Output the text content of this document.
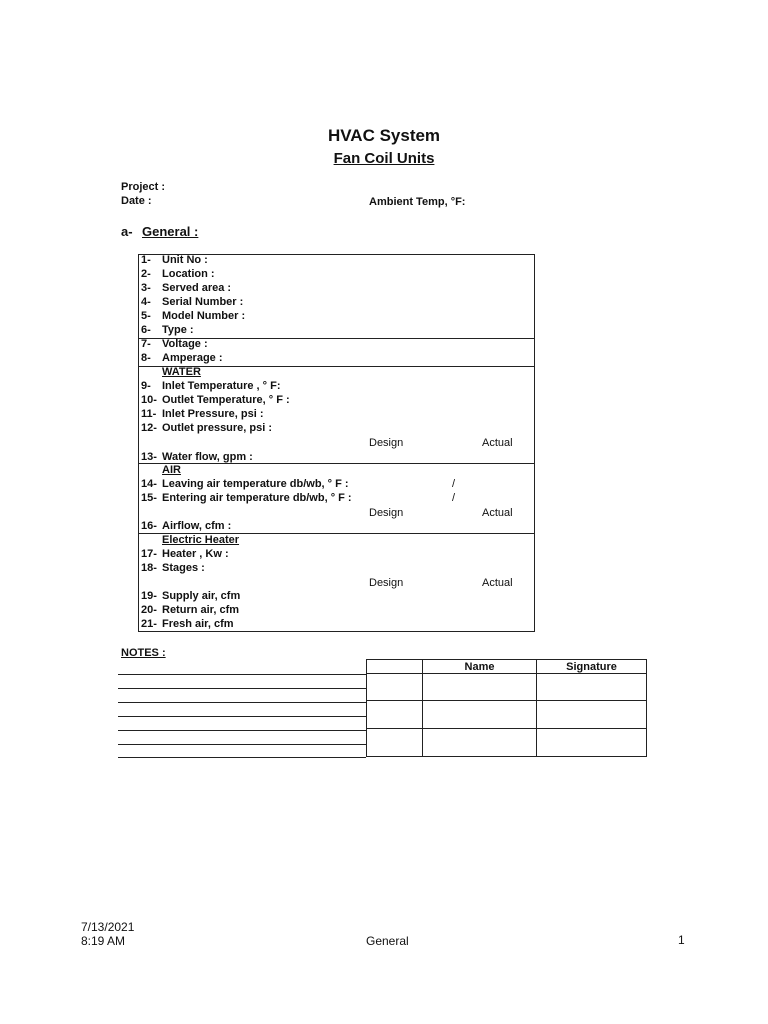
HVAC System
Fan Coil Units
Project :
Date :	Ambient Temp, °F:
a- General :
1- Unit No :
2- Location :
3- Served area :
4- Serial Number :
5- Model Number :
6- Type :
7- Voltage :
8- Amperage :
WATER
9- Inlet Temperature , ° F:
10- Outlet Temperature, ° F :
11- Inlet Pressure, psi :
12- Outlet pressure, psi :
Design	Actual
13- Water flow, gpm :
AIR
14- Leaving air temperature db/wb, ° F :	/
15- Entering air temperature db/wb, ° F :	/
Design	Actual
16- Airflow, cfm :
Electric Heater
17- Heater , Kw :
18- Stages :
Design	Actual
19- Supply air, cfm
20- Return air, cfm
21- Fresh air, cfm
NOTES :
	Name	Signature

7/13/2021
8:19 AM	General	1
